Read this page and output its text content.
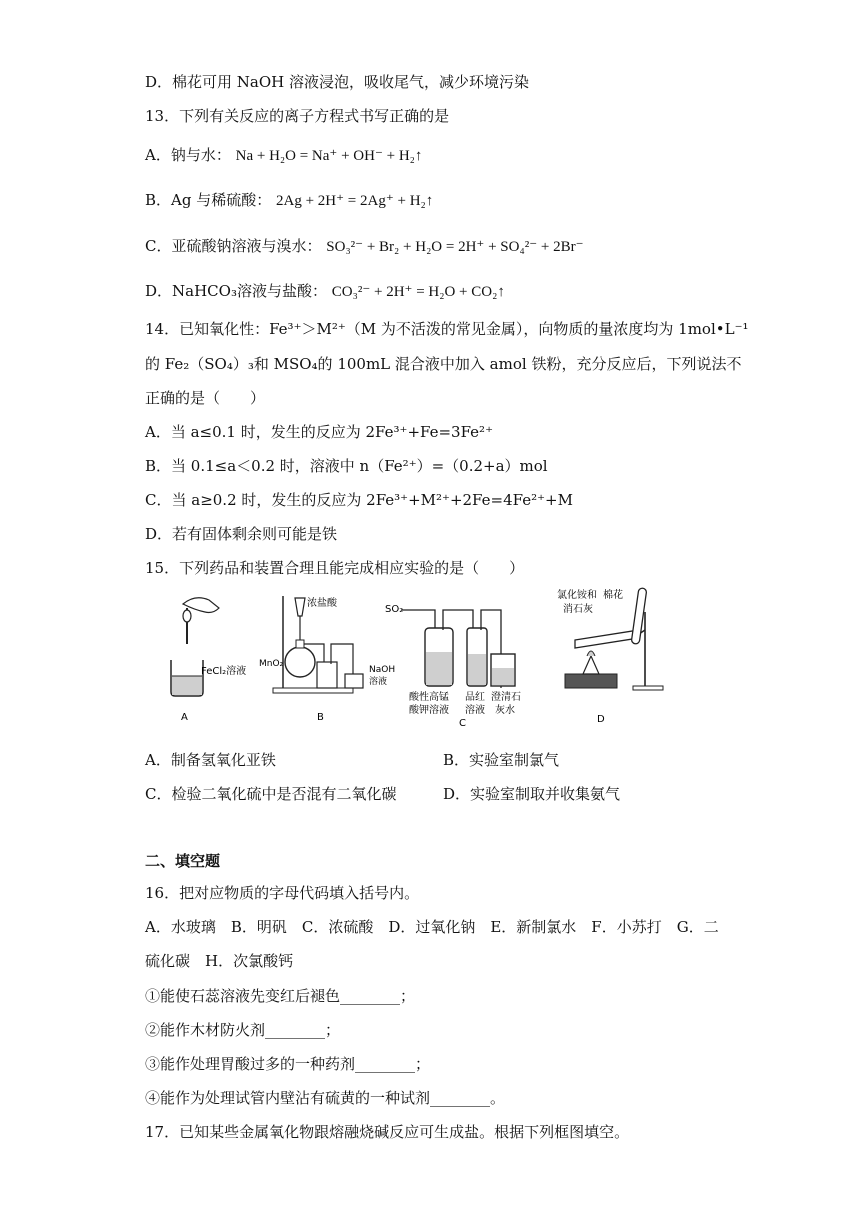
D．棉花可用 NaOH 溶液浸泡，吸收尾气，减少环境污染
13．下列有关反应的离子方程式书写正确的是
A．钠与水： Na + H₂O = Na⁺ + OH⁻ + H₂↑
B．Ag 与稀硫酸： 2Ag + 2H⁺ = 2Ag⁺ + H₂↑
C．亚硫酸钠溶液与溴水： SO₃²⁻ + Br₂ + H₂O = 2H⁺ + SO₄²⁻ + 2Br⁻
D．NaHCO₃溶液与盐酸： CO₃²⁻ + 2H⁺ = H₂O + CO₂↑
14．已知氧化性：Fe³⁺＞M²⁺（M 为不活泼的常见金属），向物质的量浓度均为 1mol•L⁻¹
的 Fe₂（SO₄）₃和 MSO₄的 100mL 混合液中加入 amol 铁粉，充分反应后，下列说法不
正确的是（　　）
A．当 a≤0.1 时，发生的反应为 2Fe³⁺+Fe=3Fe²⁺
B．当 0.1≤a＜0.2 时，溶液中 n（Fe²⁺）=（0.2+a）mol
C．当 a≥0.2 时，发生的反应为 2Fe³⁺+M²⁺+2Fe=4Fe²⁺+M
D．若有固体剩余则可能是铁
15．下列药品和装置合理且能完成相应实验的是（　　）
FeCl₂溶液
A
浓盐酸
MnO₂
NaOH
溶液
B
SO₂
酸性高锰
酸钾溶液
品红
溶液
澄清石
灰水
C
氯化铵和 棉花
消石灰
D
A．制备氢氧化亚铁	B．实验室制氯气
C．检验二氧化硫中是否混有二氧化碳	D．实验室制取并收集氨气
二、填空题
16．把对应物质的字母代码填入括号内。
A．水玻璃　B．明矾　C．浓硫酸　D．过氧化钠　E．新制氯水　F．小苏打　G．二
硫化碳　H．次氯酸钙
①能使石蕊溶液先变红后褪色________；
②能作木材防火剂________；
③能作处理胃酸过多的一种药剂________；
④能作为处理试管内壁沾有硫黄的一种试剂________。
17．已知某些金属氧化物跟熔融烧碱反应可生成盐。根据下列框图填空。
